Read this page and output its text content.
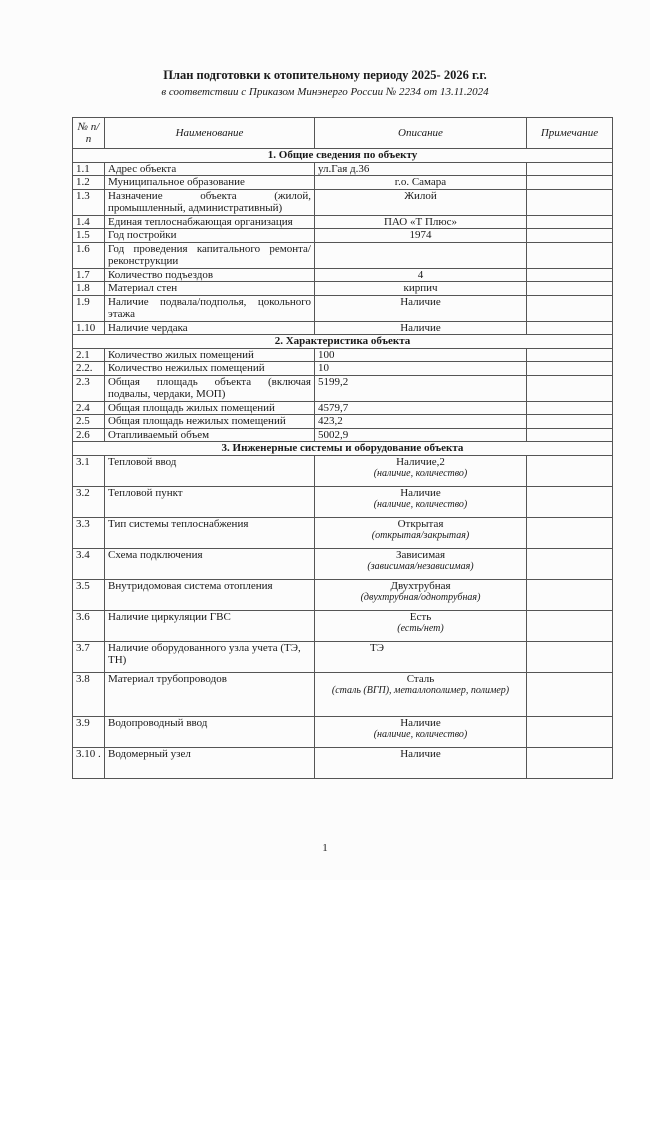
План подготовки к отопительному периоду 2025- 2026 г.г.
в соответствии с Приказом Минэнерго России № 2234 от 13.11.2024
№ п/п	Наименование	Описание	Примечание
1. Общие сведения по объекту			
1.1	Адрес объекта	ул.Гая д.36	
1.2	Муниципальное образование	г.о. Самара	
1.3	Назначение объекта (жилой, промышленный, административный)	Жилой	
1.4	Единая теплоснабжающая организация	ПАО «Т Плюс»	
1.5	Год постройки	1974	
1.6	Год проведения капитального ремонта/реконструкции		
1.7	Количество подъездов	4	
1.8	Материал стен	кирпич	
1.9	Наличие подвала/подполья, цокольного этажа	Наличие	
1.10	Наличие чердака	Наличие	
2. Характеристика объекта			
2.1	Количество жилых помещений	100	
2.2.	Количество нежилых помещений	10	
2.3	Общая площадь объекта (включая подвалы, чердаки, МОП)	5199,2	
2.4	Общая площадь жилых помещений	4579,7	
2.5	Общая площадь нежилых помещений	423,2	
2.6	Отапливаемый объем	5002,9	
3. Инженерные системы и оборудование объекта			
3.1	Тепловой ввод	Наличие,2
(наличие, количество)	

3.2	Тепловой пункт	Наличие
(наличие, количество)	

3.3	Тип системы теплоснабжения	Открытая
(открытая/закрытая)	

3.4	Схема подключения	Зависимая
(зависимая/независимая)	

3.5	Внутридомовая система отопления	Двухтрубная
(двухтрубная/однотрубная)	

3.6	Наличие циркуляции ГВС	Есть
(есть/нет)	

3.7	Наличие оборудованного узла учета (ТЭ, ТН)	ТЭ	
3.8	Материал трубопроводов	Сталь
(сталь (ВГП), металлополимер, полимер)	

3.9	Водопроводный ввод	Наличие
(наличие, количество)	

3.10 .	Водомерный узел	Наличие	
1
